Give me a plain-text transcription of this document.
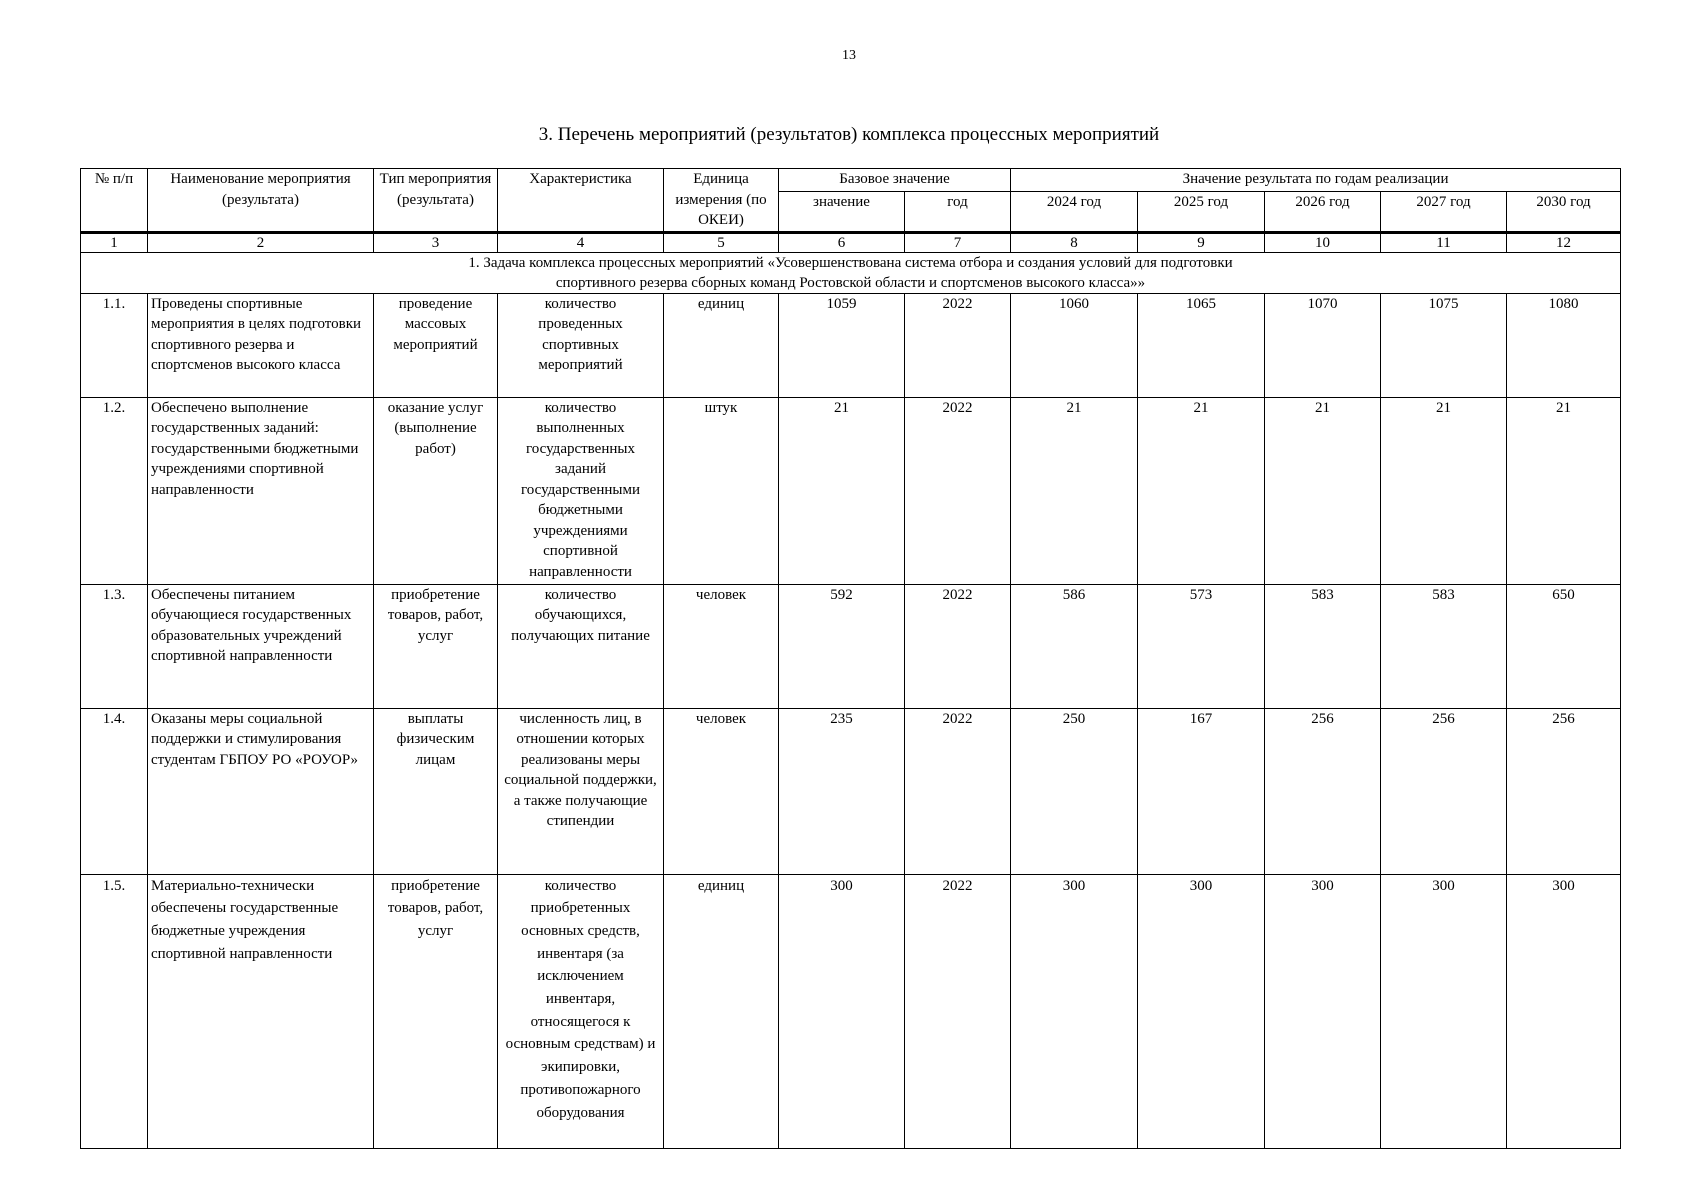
13
3. Перечень мероприятий (результатов) комплекса процессных мероприятий
№ п/п	Наименование мероприятия (результата)	Тип мероприятия (результата)	Характеристика	Единица измерения (по ОКЕИ)	Базовое значение		Значение результата по годам реализации				
					значение	год	2024 год	2025 год	2026 год	2027 год	2030 год
1	2	3	4	5	6	7	8	9	10	11	12
1. Задача комплекса процессных мероприятий «Усовершенствована система отбора и создания условий для подготовки спортивного резерва сборных команд Ростовской области и спортсменов высокого класса»»											
1.1.	Проведены спортивные мероприятия в целях подготовки спортивного резерва и спортсменов высокого класса	проведение массовых мероприятий	количество проведенных спортивных мероприятий	единиц	1059	2022	1060	1065	1070	1075	1080
1.2.	Обеспечено выполнение государственных заданий: государственными бюджетными учреждениями спортивной направленности	оказание услуг (выполнение работ)	количество выполненных государственных заданий государственными бюджетными учреждениями спортивной направленности	штук	21	2022	21	21	21	21	21
1.3.	Обеспечены питанием обучающиеся государственных образовательных учреждений спортивной направленности	приобретение товаров, работ, услуг	количество обучающихся, получающих питание	человек	592	2022	586	573	583	583	650
1.4.	Оказаны меры социальной поддержки и стимулирования студентам ГБПОУ РО «РОУОР»	выплаты физическим лицам	численность лиц, в отношении которых реализованы меры социальной поддержки, а также получающие стипендии	человек	235	2022	250	167	256	256	256
1.5.	Материально-технически обеспечены государственные бюджетные учреждения спортивной направленности	приобретение товаров, работ, услуг	количество приобретенных основных средств, инвентаря (за исключением инвентаря, относящегося к основным средствам) и экипировки, противопожарного оборудования	единиц	300	2022	300	300	300	300	300
